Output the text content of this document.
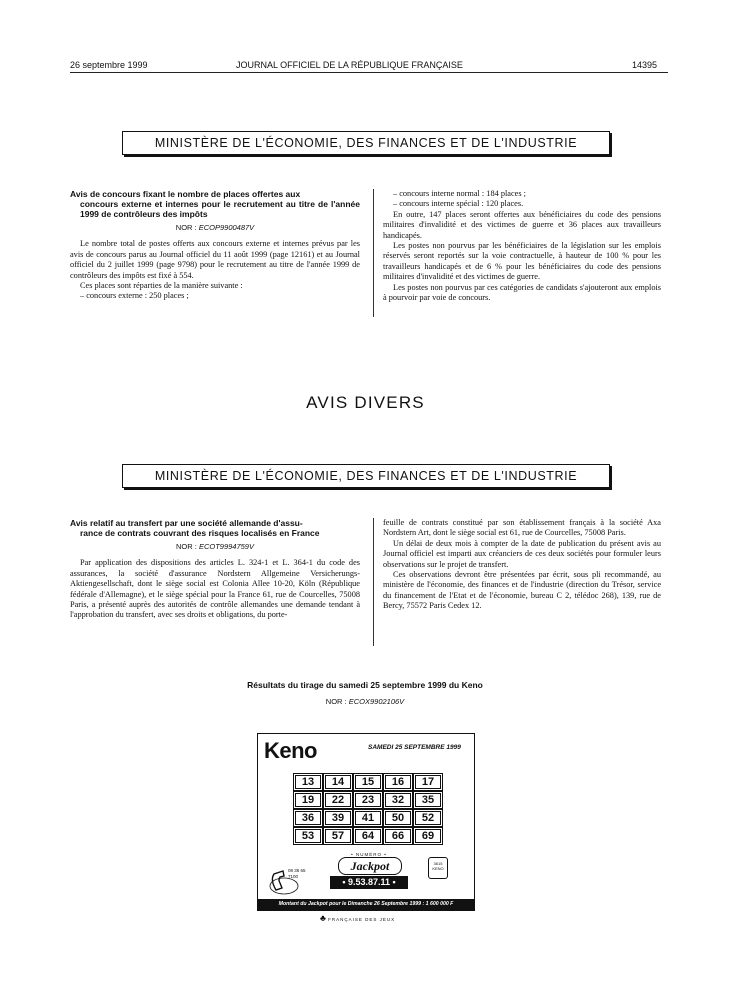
26 septembre 1999	JOURNAL OFFICIEL DE LA RÉPUBLIQUE FRANÇAISE	14395
MINISTÈRE DE L'ÉCONOMIE, DES FINANCES ET DE L'INDUSTRIE
Avis de concours fixant le nombre de places offertes aux
concours externe et internes pour le recrutement au titre de l'année 1999 de contrôleurs des impôts
NOR : ECOP9900487V

Le nombre total de postes offerts aux concours externe et internes prévus par les avis de concours parus au Journal officiel du 11 août 1999 (page 12161) et au Journal officiel du 2 juillet 1999 (page 9798) pour le recrutement au titre de l'année 1999 de contrôleurs des impôts est fixé à 554.

Ces places sont réparties de la manière suivante :

– concours externe : 250 places ;

– concours interne normal : 184 places ;

– concours interne spécial : 120 places.

En outre, 147 places seront offertes aux bénéficiaires du code des pensions militaires d'invalidité et des victimes de guerre et 36 places aux travailleurs handicapés.

Les postes non pourvus par les bénéficiaires de la législation sur les emplois réservés seront reportés sur la voie contractuelle, à hauteur de 100 % pour les travailleurs handicapés et de 6 % pour les bénéficiaires du code des pensions militaires d'invalidité et des victimes de guerre.

Les postes non pourvus par ces catégories de candidats s'ajouteront aux emplois à pourvoir par voie de concours.

AVIS DIVERS
MINISTÈRE DE L'ÉCONOMIE, DES FINANCES ET DE L'INDUSTRIE
Avis relatif au transfert par une société allemande d'assu-
rance de contrats couvrant des risques localisés en France
NOR : ECOT9994759V

Par application des dispositions des articles L. 324-1 et L. 364-1 du code des assurances, la société d'assurance Nordstern Allgemeine Versicherungs-Aktiengesellschaft, dont le siège social est Colonia Allee 10-20, Köln (République fédérale d'Allemagne), et le siège spécial pour la France 61, rue de Courcelles, 75008 Paris, a présenté auprès des autorités de contrôle allemandes une demande tendant à l'approbation du transfert, avec ses droits et obligations, du porte-

feuille de contrats constitué par son établissement français à la société Axa Nordstern Art, dont le siège social est 61, rue de Courcelles, 75008 Paris.

Un délai de deux mois à compter de la date de publication du présent avis au Journal officiel est imparti aux créanciers de ces deux sociétés pour formuler leurs observations sur le projet de transfert.

Ces observations devront être présentées par écrit, sous pli recommandé, au ministère de l'économie, des finances et de l'industrie (direction du Trésor, service du financement de l'Etat et de l'économie, bureau C 2, télédoc 268), 139, rue de Bercy, 75572 Paris Cedex 12.

Résultats du tirage du samedi 25 septembre 1999 du Keno
NOR : ECOX9902106V
Keno	SAMEDI 25 SEPTEMBRE 1999
13	14	15	16	17
19	22	23	32	35
36	39	41	50	52
53	57	64	66	69
08 36 65 7100
• NUMÉRO •
Jackpot
• 9.53.87.11 •
3615 KENO
Montant du Jackpot pour le Dimanche 26 Septembre 1999 : 1 600 000 F
♣ FRANÇAISE DES JEUX
